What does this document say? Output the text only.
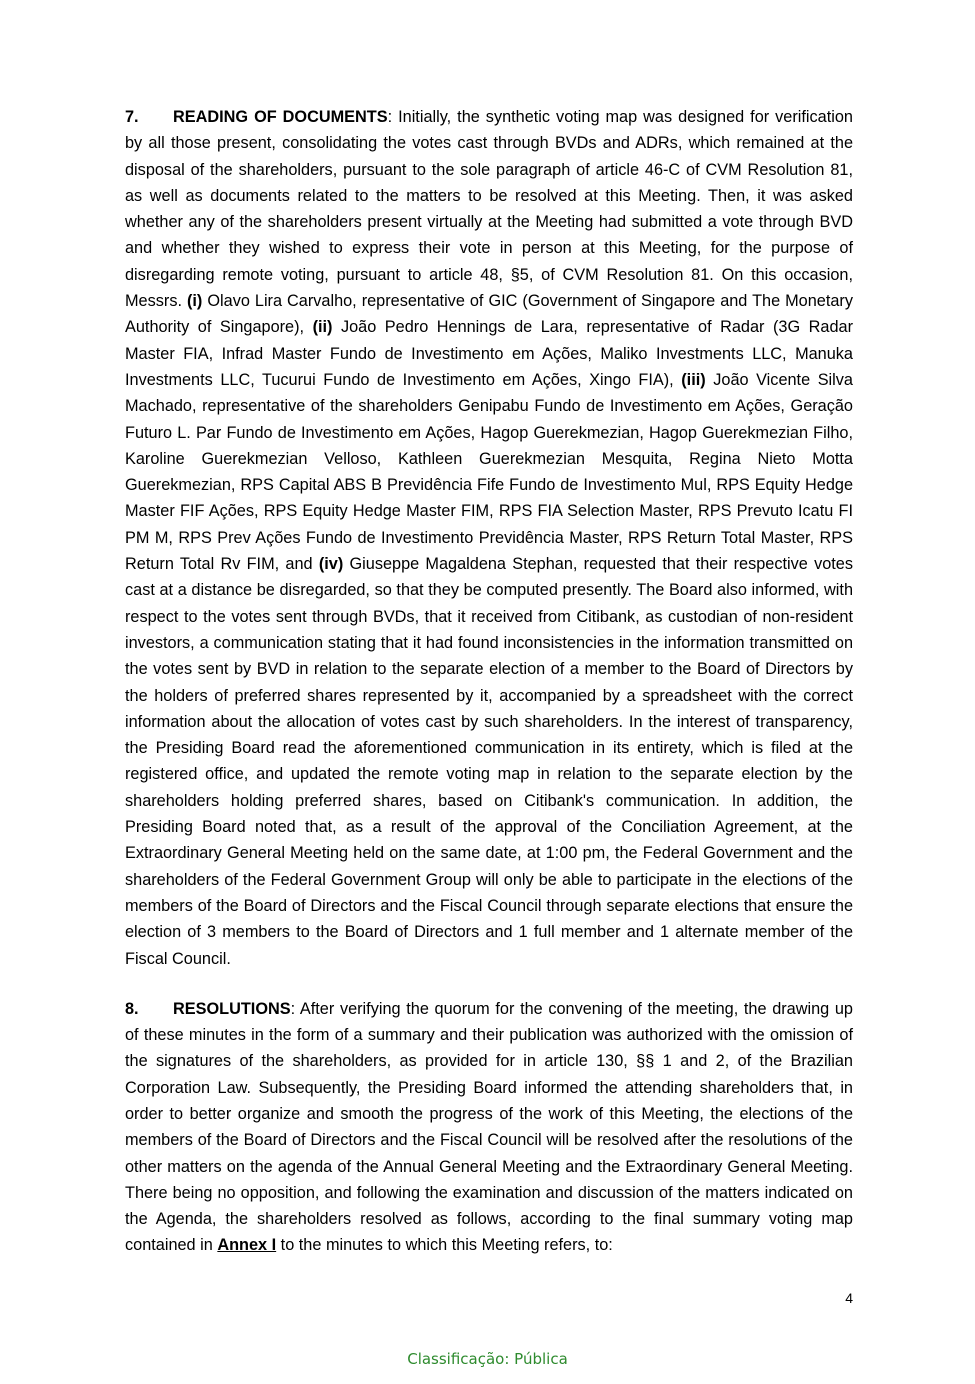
7. READING OF DOCUMENTS: Initially, the synthetic voting map was designed for verification by all those present, consolidating the votes cast through BVDs and ADRs, which remained at the disposal of the shareholders, pursuant to the sole paragraph of article 46-C of CVM Resolution 81, as well as documents related to the matters to be resolved at this Meeting. Then, it was asked whether any of the shareholders present virtually at the Meeting had submitted a vote through BVD and whether they wished to express their vote in person at this Meeting, for the purpose of disregarding remote voting, pursuant to article 48, §5, of CVM Resolution 81. On this occasion, Messrs. (i) Olavo Lira Carvalho, representative of GIC (Government of Singapore and The Monetary Authority of Singapore), (ii) João Pedro Hennings de Lara, representative of Radar (3G Radar Master FIA, Infrad Master Fundo de Investimento em Ações, Maliko Investments LLC, Manuka Investments LLC, Tucurui Fundo de Investimento em Ações, Xingo FIA), (iii) João Vicente Silva Machado, representative of the shareholders Genipabu Fundo de Investimento em Ações, Geração Futuro L. Par Fundo de Investimento em Ações, Hagop Guerekmezian, Hagop Guerekmezian Filho, Karoline Guerekmezian Velloso, Kathleen Guerekmezian Mesquita, Regina Nieto Motta Guerekmezian, RPS Capital ABS B Previdência Fife Fundo de Investimento Mul, RPS Equity Hedge Master FIF Ações, RPS Equity Hedge Master FIM, RPS FIA Selection Master, RPS Prevuto Icatu FI PM M, RPS Prev Ações Fundo de Investimento Previdência Master, RPS Return Total Master, RPS Return Total Rv FIM, and (iv) Giuseppe Magaldena Stephan, requested that their respective votes cast at a distance be disregarded, so that they be computed presently. The Board also informed, with respect to the votes sent through BVDs, that it received from Citibank, as custodian of non-resident investors, a communication stating that it had found inconsistencies in the information transmitted on the votes sent by BVD in relation to the separate election of a member to the Board of Directors by the holders of preferred shares represented by it, accompanied by a spreadsheet with the correct information about the allocation of votes cast by such shareholders. In the interest of transparency, the Presiding Board read the aforementioned communication in its entirety, which is filed at the registered office, and updated the remote voting map in relation to the separate election by the shareholders holding preferred shares, based on Citibank's communication. In addition, the Presiding Board noted that, as a result of the approval of the Conciliation Agreement, at the Extraordinary General Meeting held on the same date, at 1:00 pm, the Federal Government and the shareholders of the Federal Government Group will only be able to participate in the elections of the members of the Board of Directors and the Fiscal Council through separate elections that ensure the election of 3 members to the Board of Directors and 1 full member and 1 alternate member of the Fiscal Council.

8. RESOLUTIONS: After verifying the quorum for the convening of the meeting, the drawing up of these minutes in the form of a summary and their publication was authorized with the omission of the signatures of the shareholders, as provided for in article 130, §§ 1 and 2, of the Brazilian Corporation Law. Subsequently, the Presiding Board informed the attending shareholders that, in order to better organize and smooth the progress of the work of this Meeting, the elections of the members of the Board of Directors and the Fiscal Council will be resolved after the resolutions of the other matters on the agenda of the Annual General Meeting and the Extraordinary General Meeting. There being no opposition, and following the examination and discussion of the matters indicated on the Agenda, the shareholders resolved as follows, according to the final summary voting map contained in Annex I to the minutes to which this Meeting refers, to:

4
Classificação: Pública
